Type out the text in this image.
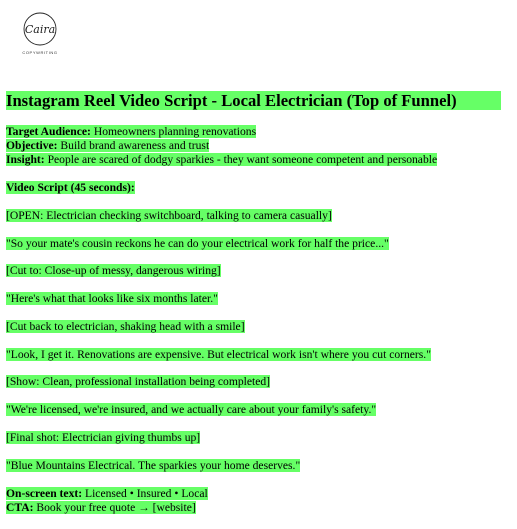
Caira
COPYWRITING
Instagram Reel Video Script - Local Electrician (Top of Funnel)
Target Audience: Homeowners planning renovations
Objective: Build brand awareness and trust
Insight: People are scared of dodgy sparkies - they want someone competent and personable
Video Script (45 seconds):
[OPEN: Electrician checking switchboard, talking to camera casually]
"So your mate's cousin reckons he can do your electrical work for half the price..."
[Cut to: Close-up of messy, dangerous wiring]
"Here's what that looks like six months later."
[Cut back to electrician, shaking head with a smile]
"Look, I get it. Renovations are expensive. But electrical work isn't where you cut corners."
[Show: Clean, professional installation being completed]
"We're licensed, we're insured, and we actually care about your family's safety."
[Final shot: Electrician giving thumbs up]
"Blue Mountains Electrical. The sparkies your home deserves."
On-screen text: Licensed • Insured • Local
CTA: Book your free quote → [website]
